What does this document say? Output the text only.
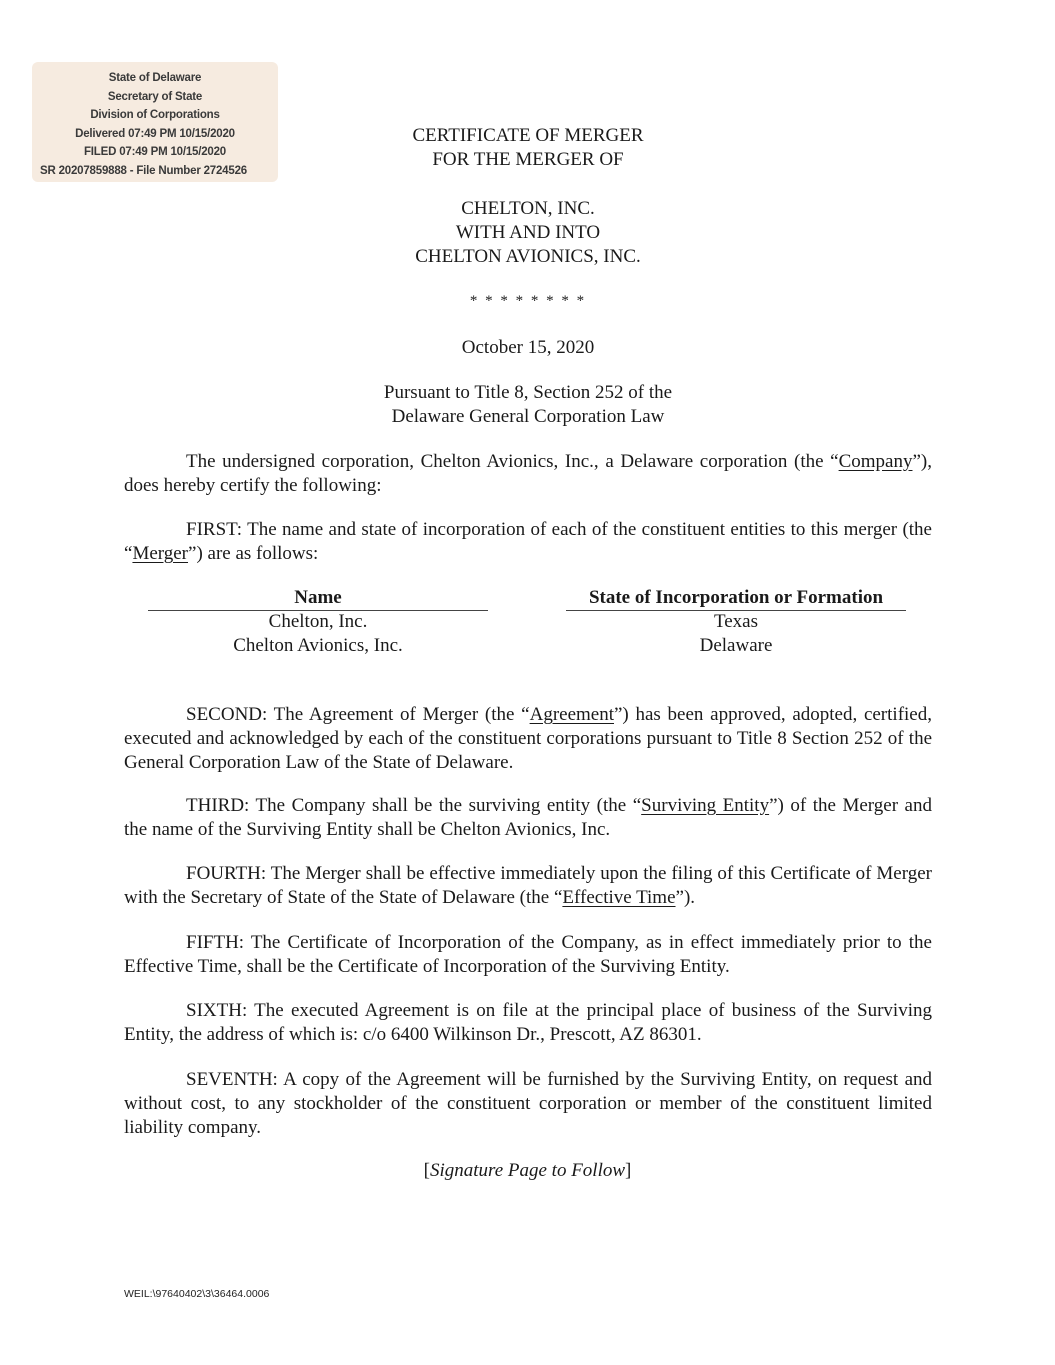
State of Delaware
Secretary of State
Division of Corporations
Delivered 07:49 PM 10/15/2020
FILED 07:49 PM 10/15/2020
SR 20207859888 - File Number 2724526
CERTIFICATE OF MERGER
FOR THE MERGER OF
CHELTON, INC.
WITH AND INTO
CHELTON AVIONICS, INC.
* * * * * * * *
October 15, 2020
Pursuant to Title 8, Section 252 of the
Delaware General Corporation Law
The undersigned corporation, Chelton Avionics, Inc., a Delaware corporation (the “Company”), does hereby certify the following:
FIRST: The name and state of incorporation of each of the constituent entities to this merger (the “Merger”) are as follows:
Name	State of Incorporation or Formation
Chelton, Inc.	Texas
Chelton Avionics, Inc.	Delaware
SECOND: The Agreement of Merger (the “Agreement”) has been approved, adopted, certified, executed and acknowledged by each of the constituent corporations pursuant to Title 8 Section 252 of the General Corporation Law of the State of Delaware.
THIRD: The Company shall be the surviving entity (the “Surviving Entity”) of the Merger and the name of the Surviving Entity shall be Chelton Avionics, Inc.
FOURTH: The Merger shall be effective immediately upon the filing of this Certificate of Merger with the Secretary of State of the State of Delaware (the “Effective Time”).
FIFTH: The Certificate of Incorporation of the Company, as in effect immediately prior to the Effective Time, shall be the Certificate of Incorporation of the Surviving Entity.
SIXTH: The executed Agreement is on file at the principal place of business of the Surviving Entity, the address of which is: c/o 6400 Wilkinson Dr., Prescott, AZ 86301.
SEVENTH: A copy of the Agreement will be furnished by the Surviving Entity, on request and without cost, to any stockholder of the constituent corporation or member of the constituent limited liability company.
[Signature Page to Follow]
WEIL:\97640402\3\36464.0006
